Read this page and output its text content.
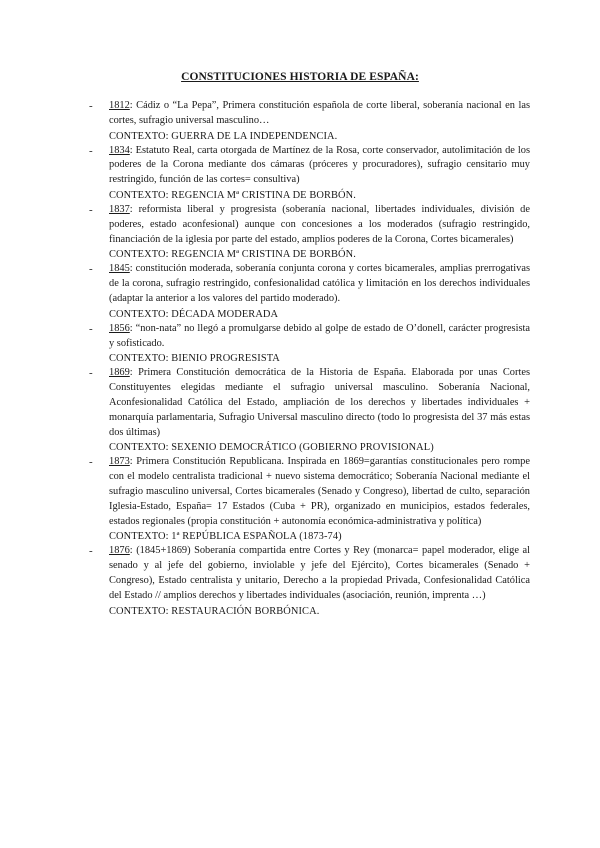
CONSTITUCIONES HISTORIA DE ESPAÑA:
- 1812: Cádiz o “La Pepa”, Primera constitución española de corte liberal, soberanía nacional en las cortes, sufragio universal masculino…

CONTEXTO: GUERRA DE LA INDEPENDENCIA.

- 1834: Estatuto Real, carta otorgada de Martínez de la Rosa, corte conservador, autolimitación de los poderes de la Corona mediante dos cámaras (próceres y procuradores), sufragio censitario muy restringido, función de las cortes= consultiva)

CONTEXTO: REGENCIA Mª CRISTINA DE BORBÓN.

- 1837: reformista liberal y progresista (soberanía nacional, libertades individuales, división de poderes, estado aconfesional) aunque con concesiones a los moderados (sufragio restringido, financiación de la iglesia por parte del estado, amplios poderes de la Corona, Cortes bicamerales)

CONTEXTO: REGENCIA Mª CRISTINA DE BORBÓN.

- 1845: constitución moderada, soberanía conjunta corona y cortes bicamerales, amplias prerrogativas de la corona, sufragio restringido, confesionalidad católica y limitación en los derechos individuales (adaptar la anterior a los valores del partido moderado).

CONTEXTO: DÉCADA MODERADA

- 1856: “non-nata” no llegó a promulgarse debido al golpe de estado de O’donell, carácter progresista y sofisticado.

CONTEXTO: BIENIO PROGRESISTA

- 1869: Primera Constitución democrática de la Historia de España. Elaborada por unas Cortes Constituyentes elegidas mediante el sufragio universal masculino. Soberanía Nacional, Aconfesionalidad Católica del Estado, ampliación de los derechos y libertades individuales + monarquía parlamentaria, Sufragio Universal masculino directo (todo lo progresista del 37 más estas dos últimas)

CONTEXTO: SEXENIO DEMOCRÁTICO (GOBIERNO PROVISIONAL)

- 1873: Primera Constitución Republicana. Inspirada en 1869=garantías constitucionales pero rompe con el modelo centralista tradicional + nuevo sistema democrático; Soberanía Nacional mediante el sufragio masculino universal, Cortes bicamerales (Senado y Congreso), libertad de culto, separación Iglesia-Estado, España= 17 Estados (Cuba + PR), organizado en municipios, estados federales, estados regionales (propia constitución + autonomía económica-administrativa y política)

CONTEXTO: 1ª REPÚBLICA ESPAÑOLA (1873-74)

- 1876: (1845+1869) Soberanía compartida entre Cortes y Rey (monarca= papel moderador, elige al senado y al jefe del gobierno, inviolable y jefe del Ejército), Cortes bicamerales (Senado + Congreso), Estado centralista y unitario, Derecho a la propiedad Privada, Confesionalidad Católica del Estado // amplios derechos y libertades individuales (asociación, reunión, imprenta …)

CONTEXTO: RESTAURACIÓN BORBÓNICA.
